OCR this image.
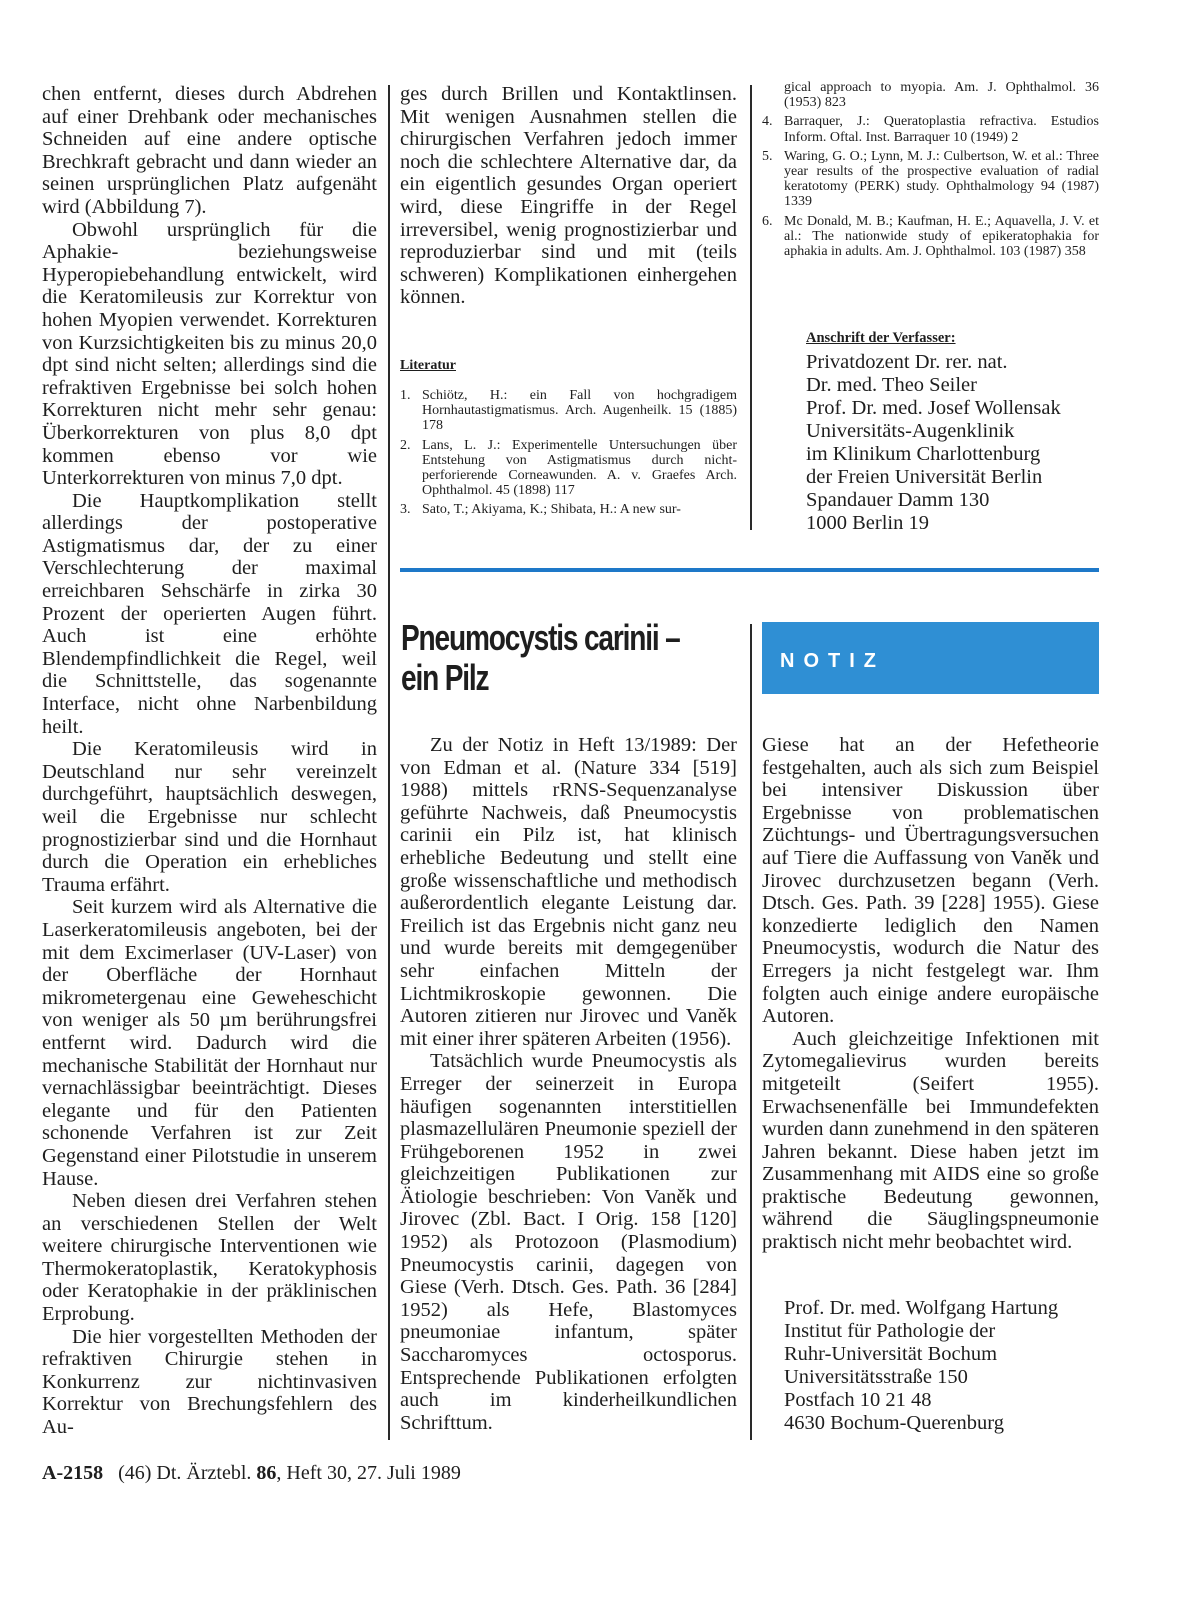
chen entfernt, dieses durch Abdrehen auf einer Drehbank oder mechanisches Schneiden auf eine andere optische Brechkraft gebracht und dann wieder an seinen ursprünglichen Platz aufgenäht wird (Abbildung 7).

Obwohl ursprünglich für die Aphakie- beziehungsweise Hyperopiebehandlung entwickelt, wird die Keratomileusis zur Korrektur von hohen Myopien verwendet. Korrekturen von Kurzsichtigkeiten bis zu minus 20,0 dpt sind nicht selten; allerdings sind die refraktiven Ergebnisse bei solch hohen Korrekturen nicht mehr sehr genau: Überkorrekturen von plus 8,0 dpt kommen ebenso vor wie Unterkorrekturen von minus 7,0 dpt.

Die Hauptkomplikation stellt allerdings der postoperative Astigmatismus dar, der zu einer Verschlechterung der maximal erreichbaren Sehschärfe in zirka 30 Prozent der operierten Augen führt. Auch ist eine erhöhte Blendempfindlichkeit die Regel, weil die Schnittstelle, das sogenannte Interface, nicht ohne Narbenbildung heilt.

Die Keratomileusis wird in Deutschland nur sehr vereinzelt durchgeführt, hauptsächlich deswegen, weil die Ergebnisse nur schlecht prognostizierbar sind und die Hornhaut durch die Operation ein erhebliches Trauma erfährt.

Seit kurzem wird als Alternative die Laserkeratomileusis angeboten, bei der mit dem Excimerlaser (UV-Laser) von der Oberfläche der Hornhaut mikrometergenau eine Geweheschicht von weniger als 50 µm berührungsfrei entfernt wird. Dadurch wird die mechanische Stabilität der Hornhaut nur vernachlässigbar beeinträchtigt. Dieses elegante und für den Patienten schonende Verfahren ist zur Zeit Gegenstand einer Pilotstudie in unserem Hause.

Neben diesen drei Verfahren stehen an verschiedenen Stellen der Welt weitere chirurgische Interventionen wie Thermokeratoplastik, Keratokyphosis oder Keratophakie in der präklinischen Erprobung.

Die hier vorgestellten Methoden der refraktiven Chirurgie stehen in Konkurrenz zur nichtinvasiven Korrektur von Brechungsfehlern des Au-

ges durch Brillen und Kontaktlinsen. Mit wenigen Ausnahmen stellen die chirurgischen Verfahren jedoch immer noch die schlechtere Alternative dar, da ein eigentlich gesundes Organ operiert wird, diese Eingriffe in der Regel irreversibel, wenig prognostizierbar und reproduzierbar sind und mit (teils schweren) Komplikationen einhergehen können.

Literatur
1. Schiötz, H.: ein Fall von hochgradigem Hornhautastigmatismus. Arch. Augenheilk. 15 (1885) 178
2. Lans, L. J.: Experimentelle Untersuchungen über Entstehung von Astigmatismus durch nicht-perforierende Corneawunden. A. v. Graefes Arch. Ophthalmol. 45 (1898) 117
3. Sato, T.; Akiyama, K.; Shibata, H.: A new sur-
gical approach to myopia. Am. J. Ophthalmol. 36 (1953) 823
4. Barraquer, J.: Queratoplastia refractiva. Estudios Inform. Oftal. Inst. Barraquer 10 (1949) 2
5. Waring, G. O.; Lynn, M. J.: Culbertson, W. et al.: Three year results of the prospective evaluation of radial keratotomy (PERK) study. Ophthalmology 94 (1987) 1339
6. Mc Donald, M. B.; Kaufman, H. E.; Aquavella, J. V. et al.: The nationwide study of epikeratophakia for aphakia in adults. Am. J. Ophthalmol. 103 (1987) 358
Anschrift der Verfasser:
Privatdozent Dr. rer. nat.
Dr. med. Theo Seiler
Prof. Dr. med. Josef Wollensak
Universitäts-Augenklinik
im Klinikum Charlottenburg
der Freien Universität Berlin
Spandauer Damm 130
1000 Berlin 19
Pneumocystis carinii –
ein Pilz	NOTIZ

Zu der Notiz in Heft 13/1989: Der von Edman et al. (Nature 334 [519] 1988) mittels rRNS-Sequenzanalyse geführte Nachweis, daß Pneumocystis carinii ein Pilz ist, hat klinisch erhebliche Bedeutung und stellt eine große wissenschaftliche und methodisch außerordentlich elegante Leistung dar. Freilich ist das Ergebnis nicht ganz neu und wurde bereits mit demgegenüber sehr einfachen Mitteln der Lichtmikroskopie gewonnen. Die Autoren zitieren nur Jirovec und Vaněk mit einer ihrer späteren Arbeiten (1956).

Tatsächlich wurde Pneumocystis als Erreger der seinerzeit in Europa häufigen sogenannten interstitiellen plasmazellulären Pneumonie speziell der Frühgeborenen 1952 in zwei gleichzeitigen Publikationen zur Ätiologie beschrieben: Von Vaněk und Jirovec (Zbl. Bact. I Orig. 158 [120] 1952) als Protozoon (Plasmodium) Pneumocystis carinii, dagegen von Giese (Verh. Dtsch. Ges. Path. 36 [284] 1952) als Hefe, Blastomyces pneumoniae infantum, später Saccharomyces octosporus. Entsprechende Publikationen erfolgten auch im kinderheilkundlichen Schrifttum.

Giese hat an der Hefetheorie festgehalten, auch als sich zum Beispiel bei intensiver Diskussion über Ergebnisse von problematischen Züchtungs- und Übertragungsversuchen auf Tiere die Auffassung von Vaněk und Jirovec durchzusetzen begann (Verh. Dtsch. Ges. Path. 39 [228] 1955). Giese konzedierte lediglich den Namen Pneumocystis, wodurch die Natur des Erregers ja nicht festgelegt war. Ihm folgten auch einige andere europäische Autoren.

Auch gleichzeitige Infektionen mit Zytomegalievirus wurden bereits mitgeteilt (Seifert 1955). Erwachsenenfälle bei Immundefekten wurden dann zunehmend in den späteren Jahren bekannt. Diese haben jetzt im Zusammenhang mit AIDS eine so große praktische Bedeutung gewonnen, während die Säuglingspneumonie praktisch nicht mehr beobachtet wird.

Prof. Dr. med. Wolfgang Hartung
Institut für Pathologie der
Ruhr-Universität Bochum
Universitätsstraße 150
Postfach 10 21 48
4630 Bochum-Querenburg
A-2158 (46) Dt. Ärztebl. 86, Heft 30, 27. Juli 1989
